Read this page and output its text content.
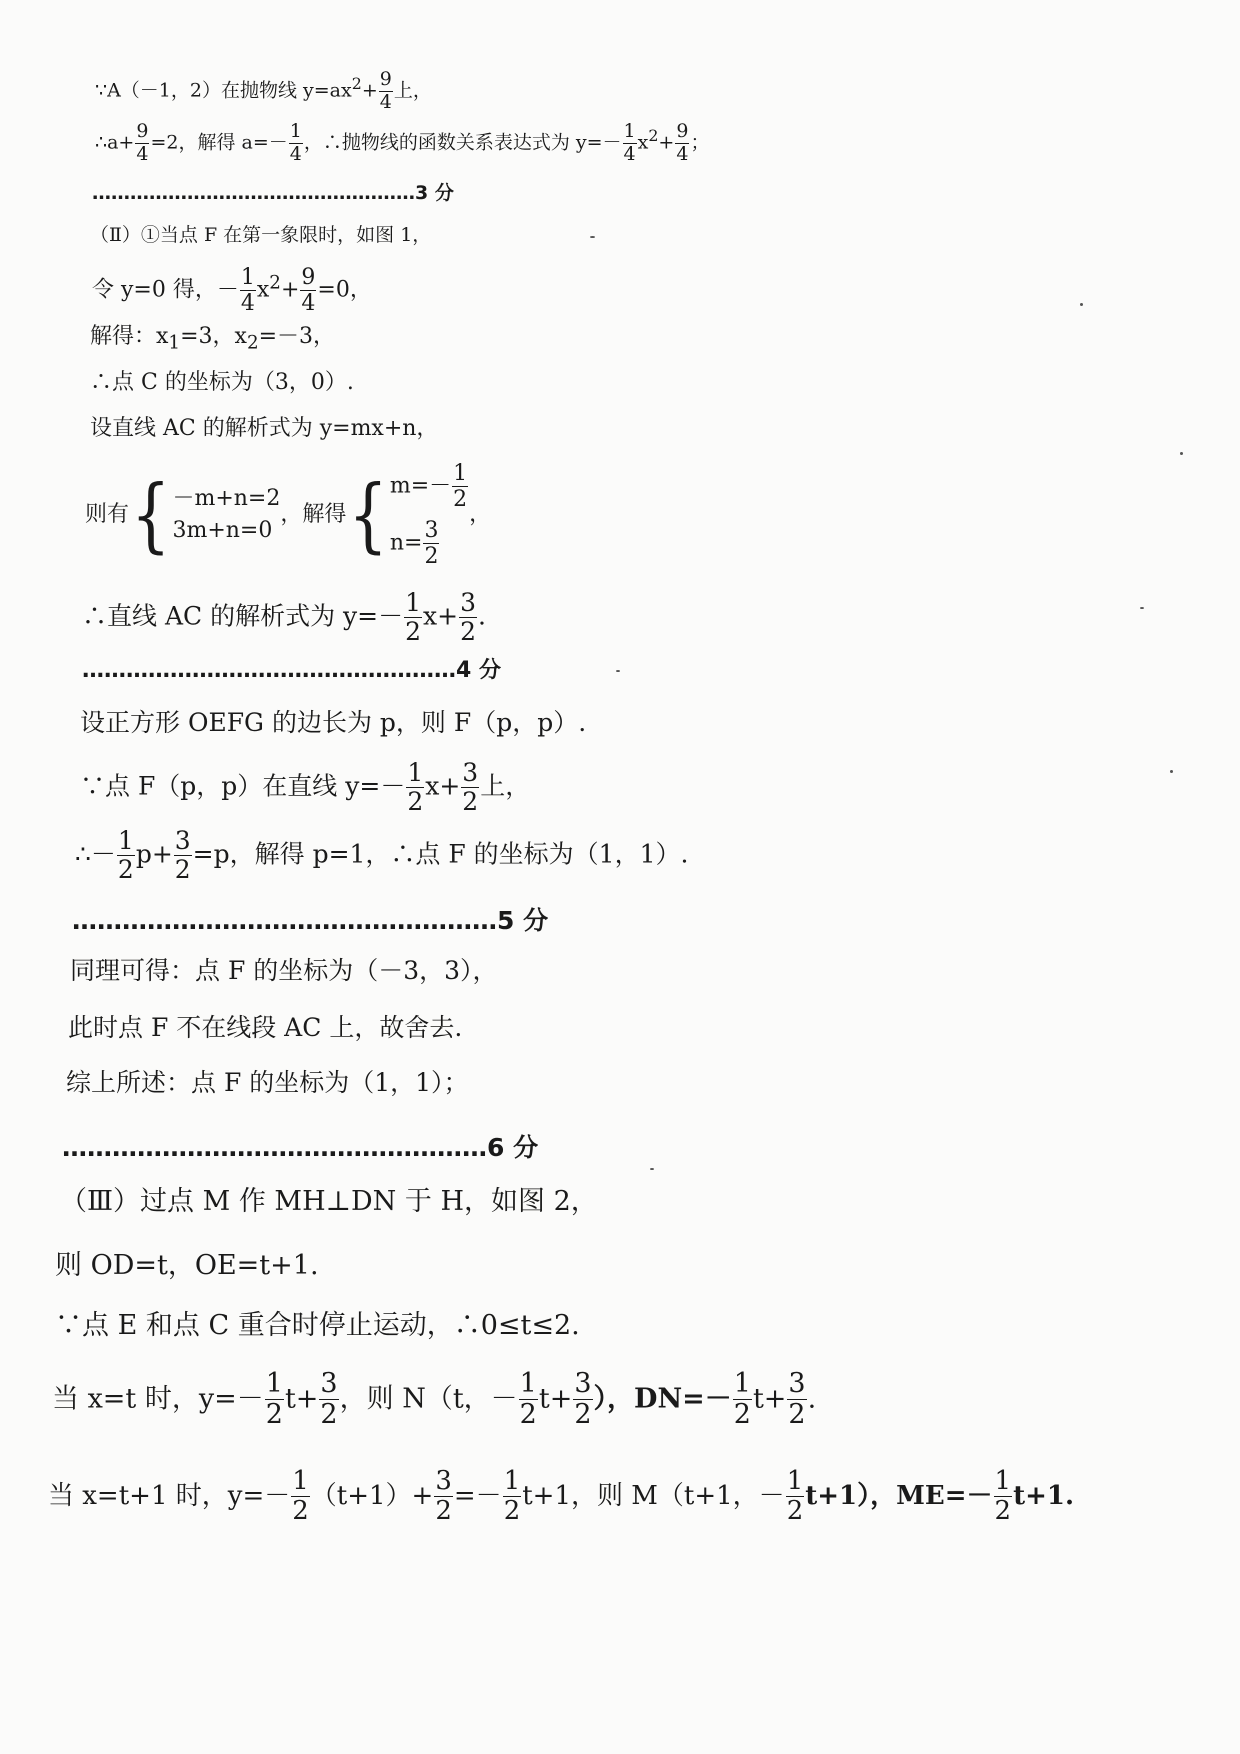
∵A（－1，2）在抛物线 $y=ax^2+ \frac{9}{4}$ 上，
∴a+ $\frac{9}{4} =2$，解得 $a=- \frac{1}{4}$ ，∴抛物线的函数关系表达式为 $y=- \frac{1}{4} x^2+ \frac{9}{4}$ ；
……………………………………………3 分
（Ⅱ）①当点 F 在第一象限时，如图 1，
令 y=0 得，－ $\frac{1}{4} x^2+ \frac{9}{4} =0$，
解得：$x_1=3$，$x_2=-3$，
∴点 C 的坐标为（3，0）.
设直线 AC 的解析式为 y=mx+n，
则有{ －m+n=2
3m+n=0
，解得{ $m=- \frac{1}{2}$
$n= \frac{3}{2}$
，
∴直线 AC 的解析式为 $y=- \frac{1}{2} x+ \frac{3}{2}$ .
……………………………………………4 分
设正方形 OEFG 的边长为 p，则 F（p，p）.
∵点 F（p，p）在直线 $y=- \frac{1}{2} x+ \frac{3}{2}$ 上，
∴－ $\frac{1}{2} p+ \frac{3}{2} =p$，解得 p=1，∴点 F 的坐标为（1，1）.
……………………………………………5 分
同理可得：点 F 的坐标为（－3，3），
此时点 F 不在线段 AC 上，故舍去.
综上所述：点 F 的坐标为（1，1）；
……………………………………………6 分
（Ⅲ）过点 M 作 MH⊥DN 于 H，如图 2，
则 OD=t，OE=t+1.
∵点 E 和点 C 重合时停止运动，∴0≤t≤2.
当 x=t 时，$y=- \frac{1}{2} t+ \frac{3}{2}$ ，则 N（t，－ $\frac{1}{2} t+ \frac{3}{2}$ ），$DN=- \frac{1}{2} t+ \frac{3}{2}$ .
当 x=t+1 时，$y=- \frac{1}{2} (t+1)+ \frac{3}{2} =- \frac{1}{2} t+1$，则 M（t+1，－ $\frac{1}{2} t+1$），$ME=- \frac{1}{2} t+1$.
